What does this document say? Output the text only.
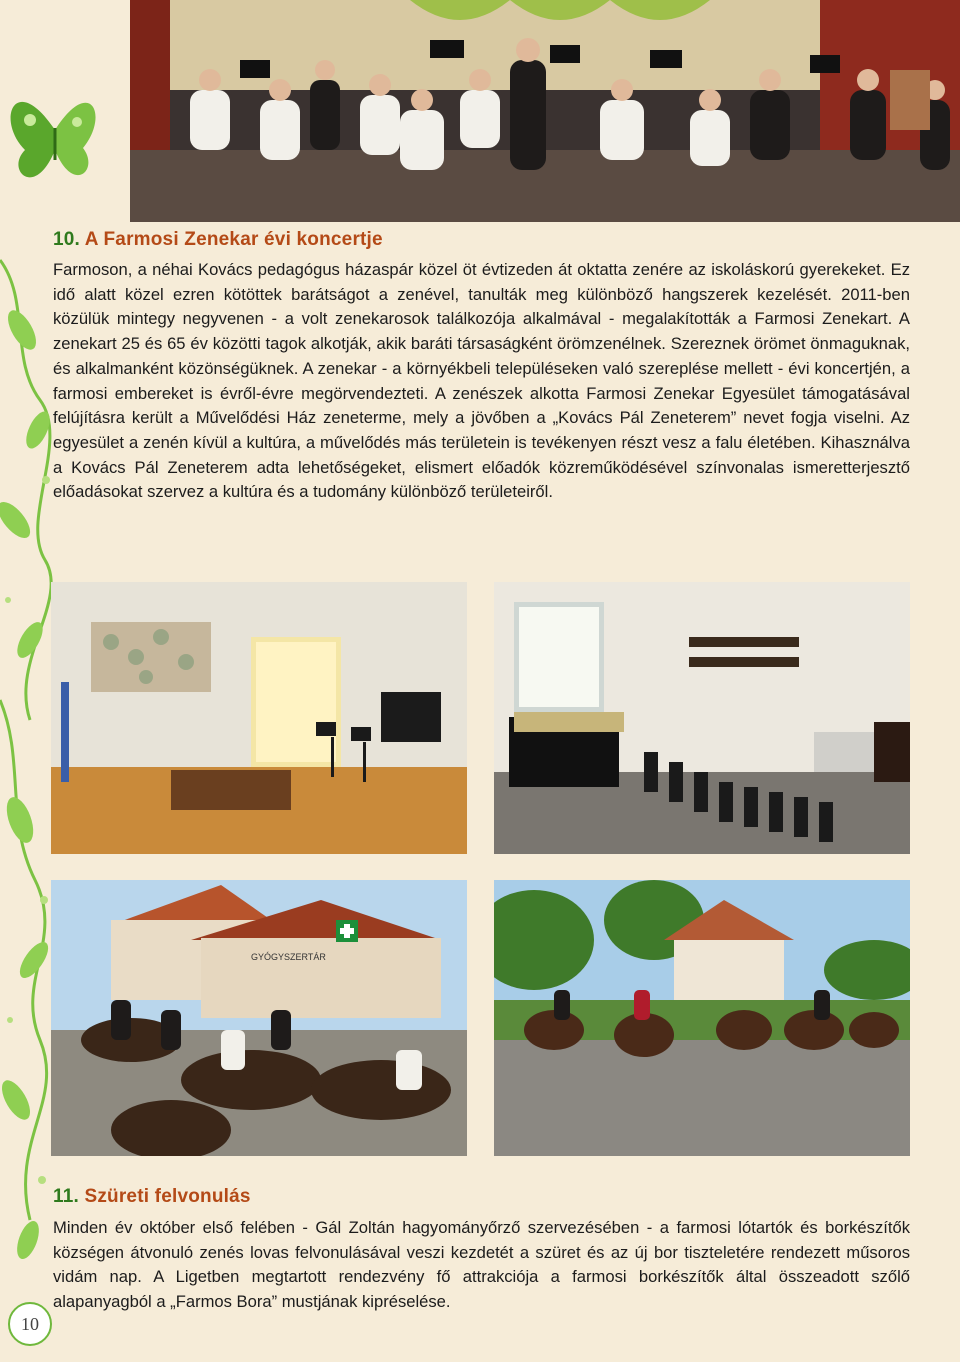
10. A Farmosi Zenekar évi koncertje

Farmoson, a néhai Kovács pedagógus házaspár közel öt évtizeden át oktatta zenére az iskoláskorú gyerekeket. Ez idő alatt közel ezren kötöttek barátságot a zenével, tanulták meg különböző hangszerek kezelését. 2011-ben közülük mintegy negyvenen - a volt zenekarosok találkozója alkalmával - megalakították a Farmosi Zenekart. A zenekart 25 és 65 év közötti tagok alkotják, akik baráti társaságként örömzenélnek. Szereznek örömet önmaguknak, és alkalmanként közönségüknek. A zenekar - a környékbeli településeken való szereplése mellett - évi koncertjén, a farmosi embereket is évről-évre megörvendezteti. A zenészek alkotta Farmosi Zenekar Egyesület támogatásával felújításra került a Művelődési Ház zeneterme, mely a jövőben a „Kovács Pál Zeneterem” nevet fogja viselni. Az egyesület a zenén kívül a kultúra, a művelődés más területein is tevékenyen részt vesz a falu életében. Kihasználva a Kovács Pál Zeneterem adta lehetőségeket, elismert előadók közreműködésével színvonalas ismeretterjesztő előadásokat szervez a kultúra és a tudomány különböző területeiről.

GYÓGYSZERTÁR
11. Szüreti felvonulás

Minden év október első felében - Gál Zoltán hagyományőrző szervezésében - a farmosi lótartók és borkészítők községen átvonuló zenés lovas felvonulásával veszi kezdetét a szüret és az új bor tiszteletére rendezett műsoros vidám nap. A Ligetben megtartott rendezvény fő attrakciója a farmosi borkészítők által összeadott szőlő alapanyagból a „Farmos Bora” mustjának kipréselése.

10
